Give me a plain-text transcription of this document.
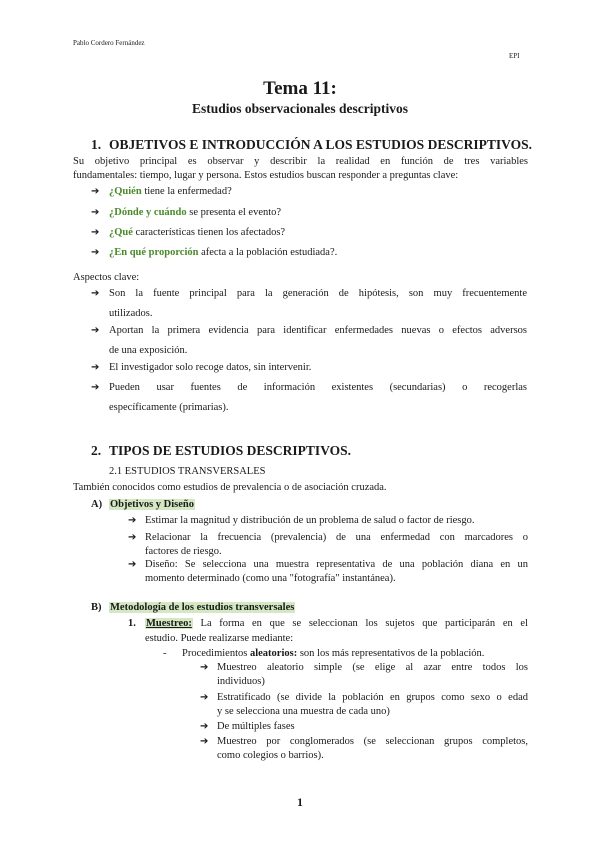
Pablo Cordero Fernández
EPI
Tema 11:
Estudios observacionales descriptivos
1. OBJETIVOS E INTRODUCCIÓN A LOS ESTUDIOS DESCRIPTIVOS.
Su objetivo principal es observar y describir la realidad en función de tres variables
fundamentales: tiempo, lugar y persona. Estos estudios buscan responder a preguntas clave:
➔ ¿Quién tiene la enfermedad?
➔ ¿Dónde y cuándo se presenta el evento?
➔ ¿Qué características tienen los afectados?
➔ ¿En qué proporción afecta a la población estudiada?.
Aspectos clave:
➔ Son la fuente principal para la generación de hipótesis, son muy frecuentemente
utilizados.
➔ Aportan la primera evidencia para identificar enfermedades nuevas o efectos adversos
de una exposición.
➔ El investigador solo recoge datos, sin intervenir.
➔ Pueden usar fuentes de información existentes (secundarias) o recogerlas
específicamente (primarias).
2. TIPOS DE ESTUDIOS DESCRIPTIVOS.
2.1 ESTUDIOS TRANSVERSALES
También conocidos como estudios de prevalencia o de asociación cruzada.
A) Objetivos y Diseño
➔ Estimar la magnitud y distribución de un problema de salud o factor de riesgo.
➔ Relacionar la frecuencia (prevalencia) de una enfermedad con marcadores o
factores de riesgo.
➔ Diseño: Se selecciona una muestra representativa de una población diana en un
momento determinado (como una "fotografía" instantánea).
B) Metodología de los estudios transversales
1. Muestreo: La forma en que se seleccionan los sujetos que participarán en el
estudio. Puede realizarse mediante:
- Procedimientos aleatorios: son los más representativos de la población.
➔ Muestreo aleatorio simple (se elige al azar entre todos los
individuos)
➔ Estratificado (se divide la población en grupos como sexo o edad
y se selecciona una muestra de cada uno)
➔ De múltiples fases
➔ Muestreo por conglomerados (se seleccionan grupos completos,
como colegios o barrios).
1
